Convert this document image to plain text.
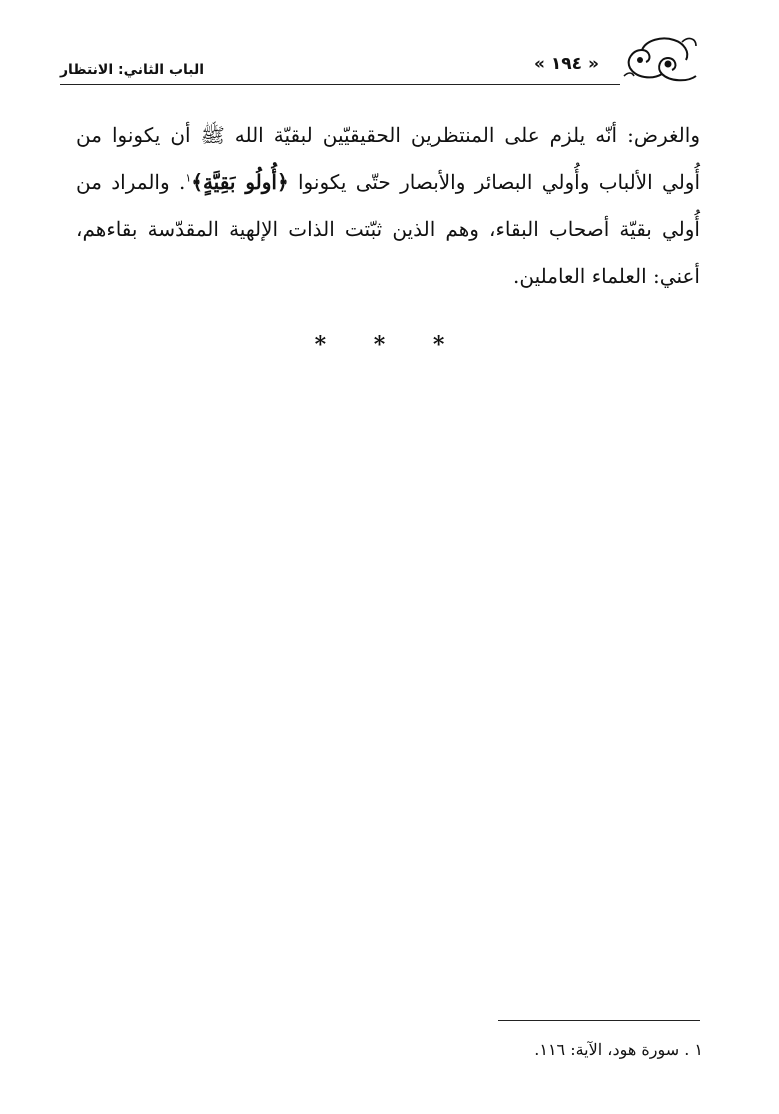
« ١٩٤ »
الباب الثاني: الانتظار
والغرض: أنّه يلزم على المنتظرين الحقيقيّين لبقيّة الله ﷺ أن يكونوا من أُولي الألباب وأُولي البصائر والأبصار حتّى يكونوا ﴿أُولُو بَقِيَّةٍ﴾$^١$. والمراد من أُولي بقيّة أصحاب البقاء، وهم الذين ثبّتت الذات الإلهية المقدّسة بقاءهم، أعني: العلماء العاملين.
* * *
١ . سورة هود، الآية: ١١٦.
